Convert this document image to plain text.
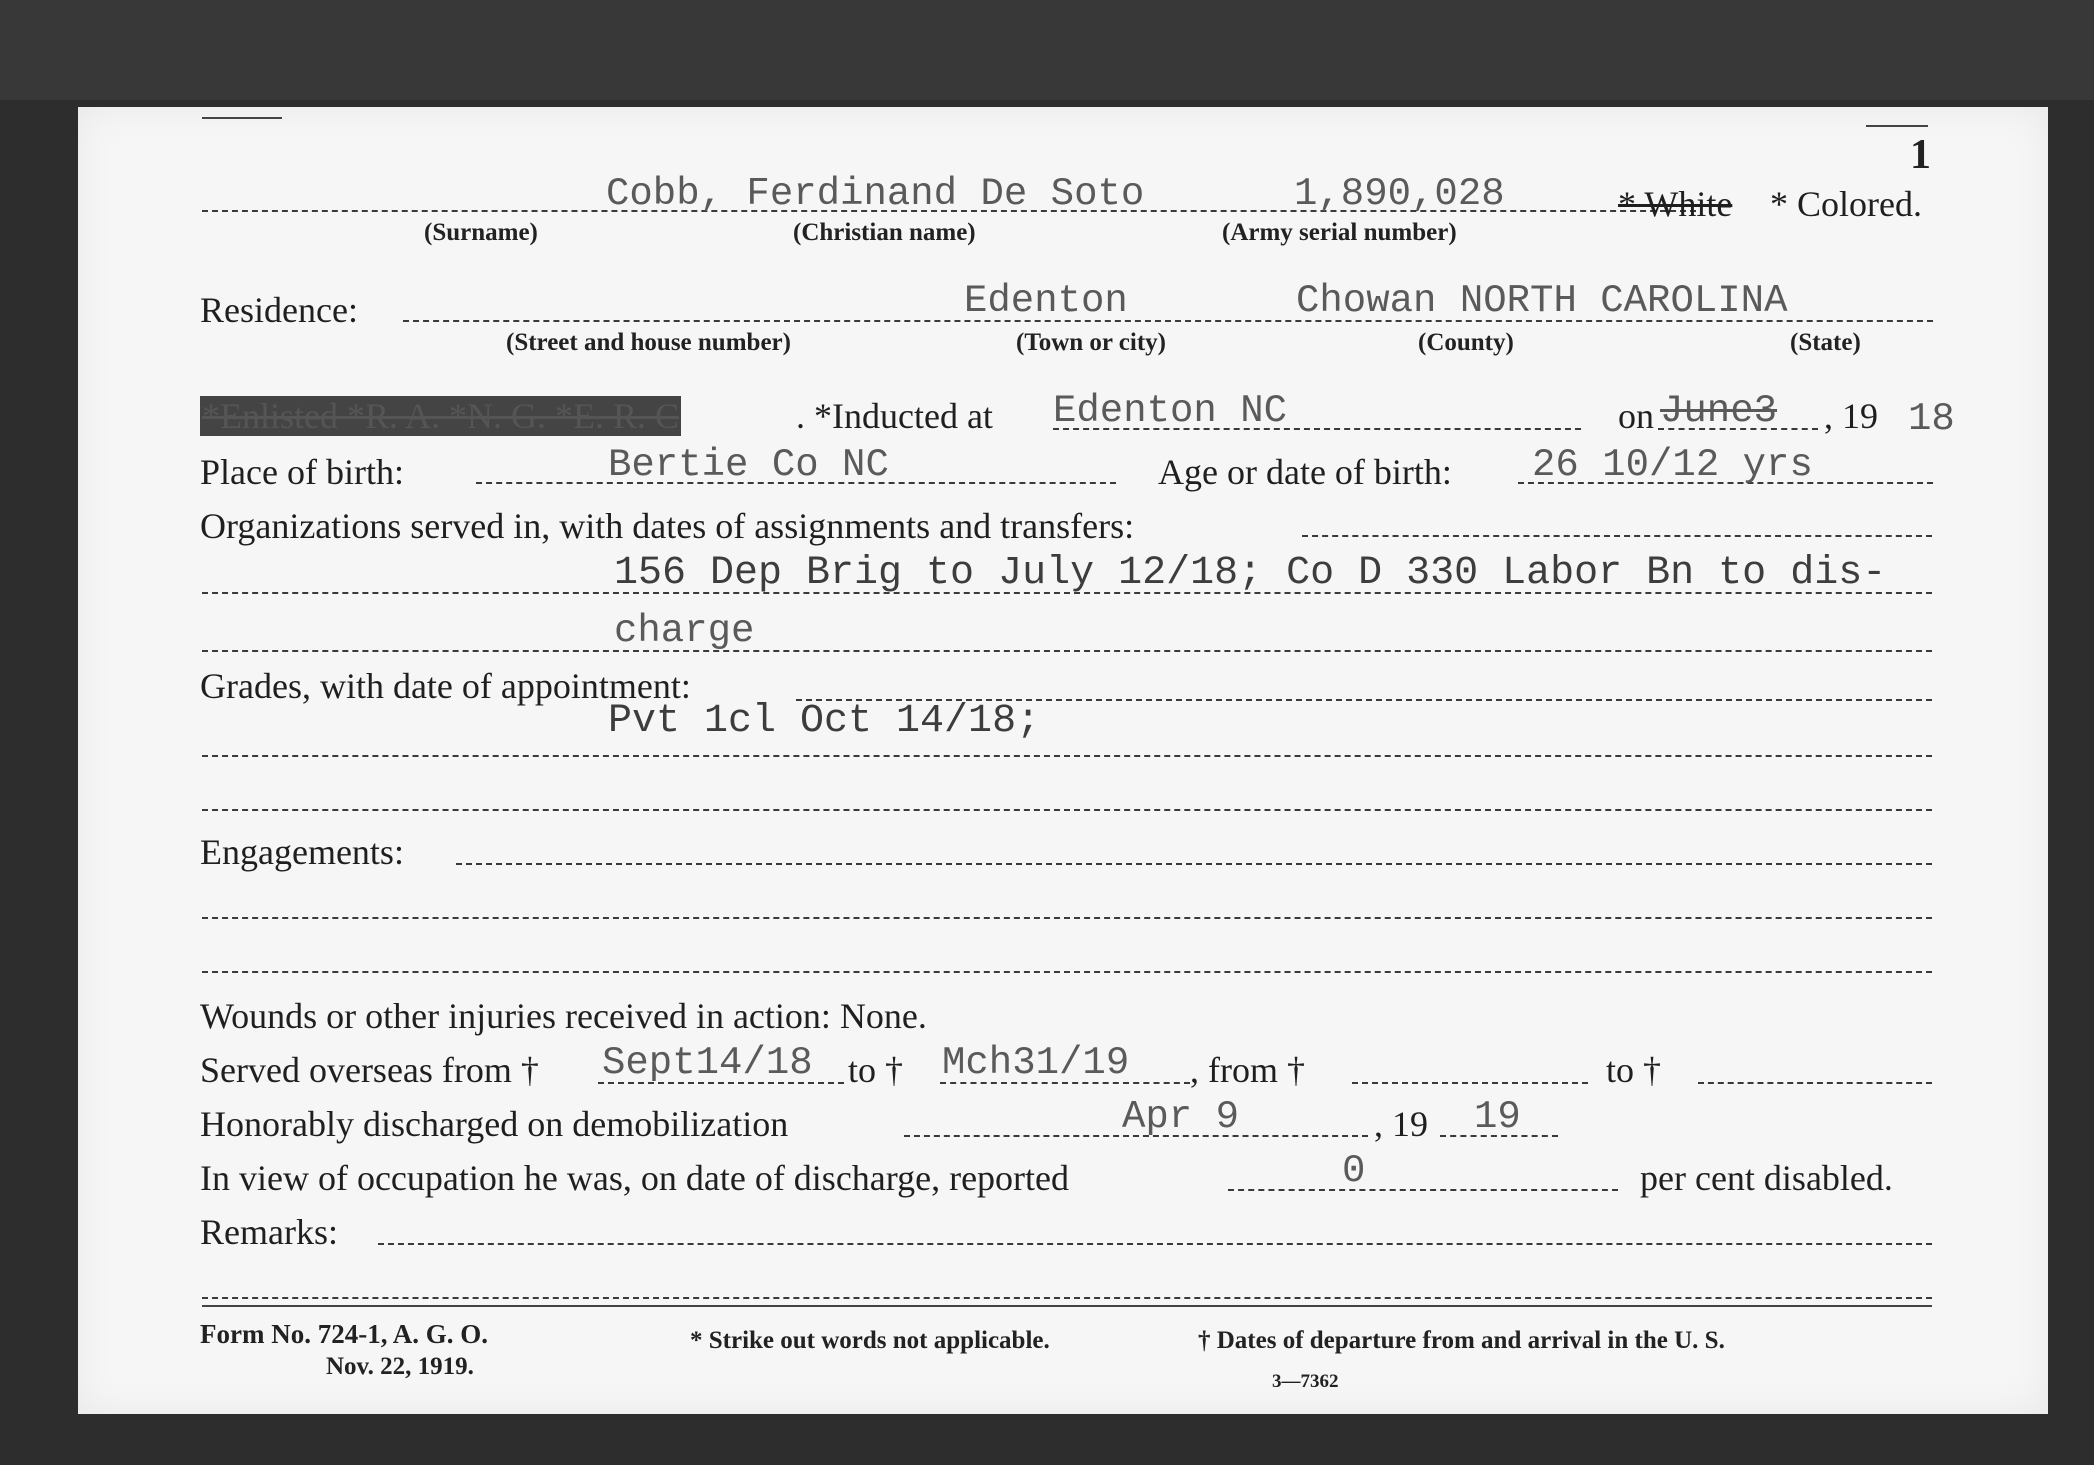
1
Cobb, Ferdinand De Soto	1,890,028	* White * Colored.
(Surname)	(Christian name)	(Army serial number)
Residence:	Edenton	Chowan NORTH CAROLINA
(Street and house number)	(Town or city)	(County)	(State)
*Enlisted *R. A. *N. G. *E. R. C	. *Inducted at Edenton NC	on June3 , 19 18
Place of birth:	Bertie Co NC	Age or date of birth: 26 10/12 yrs
Organizations served in, with dates of assignments and transfers:
156 Dep Brig to July 12/18; Co D 330 Labor Bn to dis-
charge
Grades, with date of appointment:
Pvt 1cl Oct 14/18;
Engagements:
Wounds or other injuries received in action: None.
Served overseas from † Sept14/18 to † Mch31/19 , from †	to †
Honorably discharged on demobilization	Apr 9	, 19 19
In view of occupation he was, on date of discharge, reported	0	per cent disabled.
Remarks:
Form No. 724-1, A. G. O.
Nov. 22, 1919.
* Strike out words not applicable.	† Dates of departure from and arrival in the U. S.
3—7362
